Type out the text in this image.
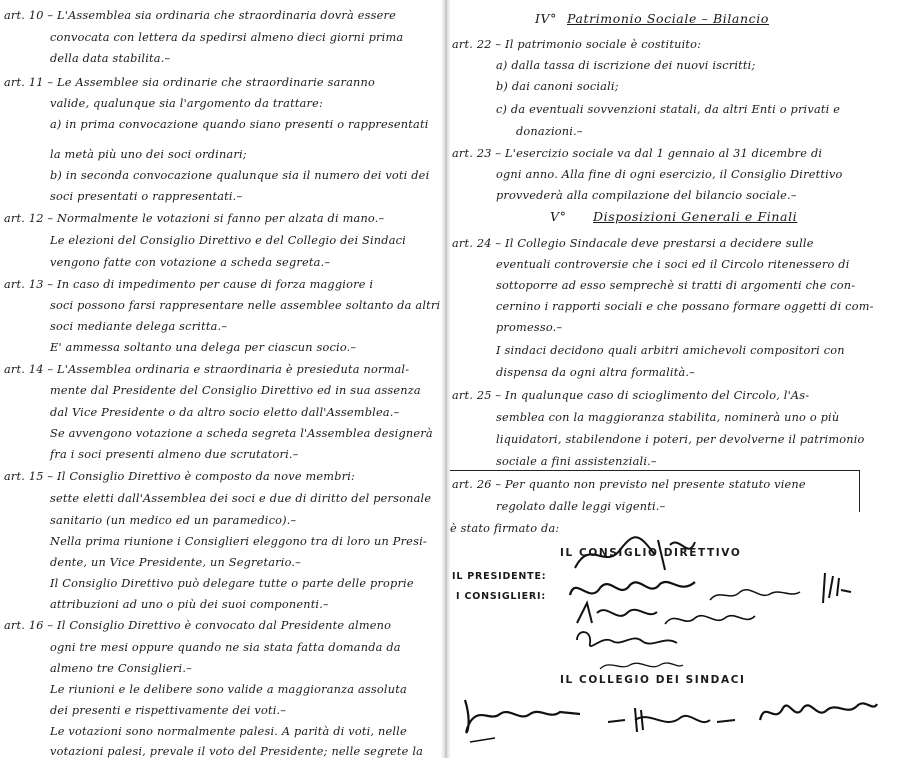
art. 10 – L'Assemblea sia ordinaria che straordinaria dovrà essere
convocata con lettera da spedirsi almeno dieci giorni prima
della data stabilita.–
art. 11 – Le Assemblee sia ordinarie che straordinarie saranno
valide, qualunque sia l'argomento da trattare:
a) in prima convocazione quando siano presenti o rappresentati
la metà più uno dei soci ordinari;
b) in seconda convocazione qualunque sia il numero dei voti dei
soci presentati o rappresentati.–
art. 12 – Normalmente le votazioni si fanno per alzata di mano.–
Le elezioni del Consiglio Direttivo e del Collegio dei Sindaci
vengono fatte con votazione a scheda segreta.–
art. 13 – In caso di impedimento per cause di forza maggiore i
soci possono farsi rappresentare nelle assemblee soltanto da altri
soci mediante delega scritta.–
E' ammessa soltanto una delega per ciascun socio.–
art. 14 – L'Assemblea ordinaria e straordinaria è presieduta normal-
mente dal Presidente del Consiglio Direttivo ed in sua assenza
dal Vice Presidente o da altro socio eletto dall'Assemblea.–
Se avvengono votazione a scheda segreta l'Assemblea designerà
fra i soci presenti almeno due scrutatori.–
art. 15 – Il Consiglio Direttivo è composto da nove membri:
sette eletti dall'Assemblea dei soci e due di diritto del personale
sanitario (un medico ed un paramedico).–
Nella prima riunione i Consiglieri eleggono tra di loro un Presi-
dente, un Vice Presidente, un Segretario.–
Il Consiglio Direttivo può delegare tutte o parte delle proprie
attribuzioni ad uno o più dei suoi componenti.–
art. 16 – Il Consiglio Direttivo è convocato dal Presidente almeno
ogni tre mesi oppure quando ne sia stata fatta domanda da
almeno tre Consiglieri.–
Le riunioni e le delibere sono valide a maggioranza assoluta
dei presenti e rispettivamente dei voti.–
Le votazioni sono normalmente palesi. A parità di voti, nelle
votazioni palesi, prevale il voto del Presidente; nelle segrete la
IV° Patrimonio Sociale – Bilancio
art. 22 – Il patrimonio sociale è costituito:
a) dalla tassa di iscrizione dei nuovi iscritti;
b) dai canoni sociali;
c) da eventuali sovvenzioni statali, da altri Enti o privati e
donazioni.–
art. 23 – L'esercizio sociale va dal 1 gennaio al 31 dicembre di
ogni anno. Alla fine di ogni esercizio, il Consiglio Direttivo
provvederà alla compilazione del bilancio sociale.–
V° Disposizioni Generali e Finali
art. 24 – Il Collegio Sindacale deve prestarsi a decidere sulle
eventuali controversie che i soci ed il Circolo ritenessero di
sottoporre ad esso semprechè si tratti di argomenti che con-
cernino i rapporti sociali e che possano formare oggetti di com-
promesso.–
I sindaci decidono quali arbitri amichevoli compositori con
dispensa da ogni altra formalità.–
art. 25 – In qualunque caso di scioglimento del Circolo, l'As-
semblea con la maggioranza stabilita, nominerà uno o più
liquidatori, stabilendone i poteri, per devolverne il patrimonio
sociale a fini assistenziali.–
art. 26 – Per quanto non previsto nel presente statuto viene
regolato dalle leggi vigenti.–
è stato firmato da:
IL CONSIGLIO DIRETTIVO
IL PRESIDENTE:
I CONSIGLIERI:
IL COLLEGIO DEI SINDACI
